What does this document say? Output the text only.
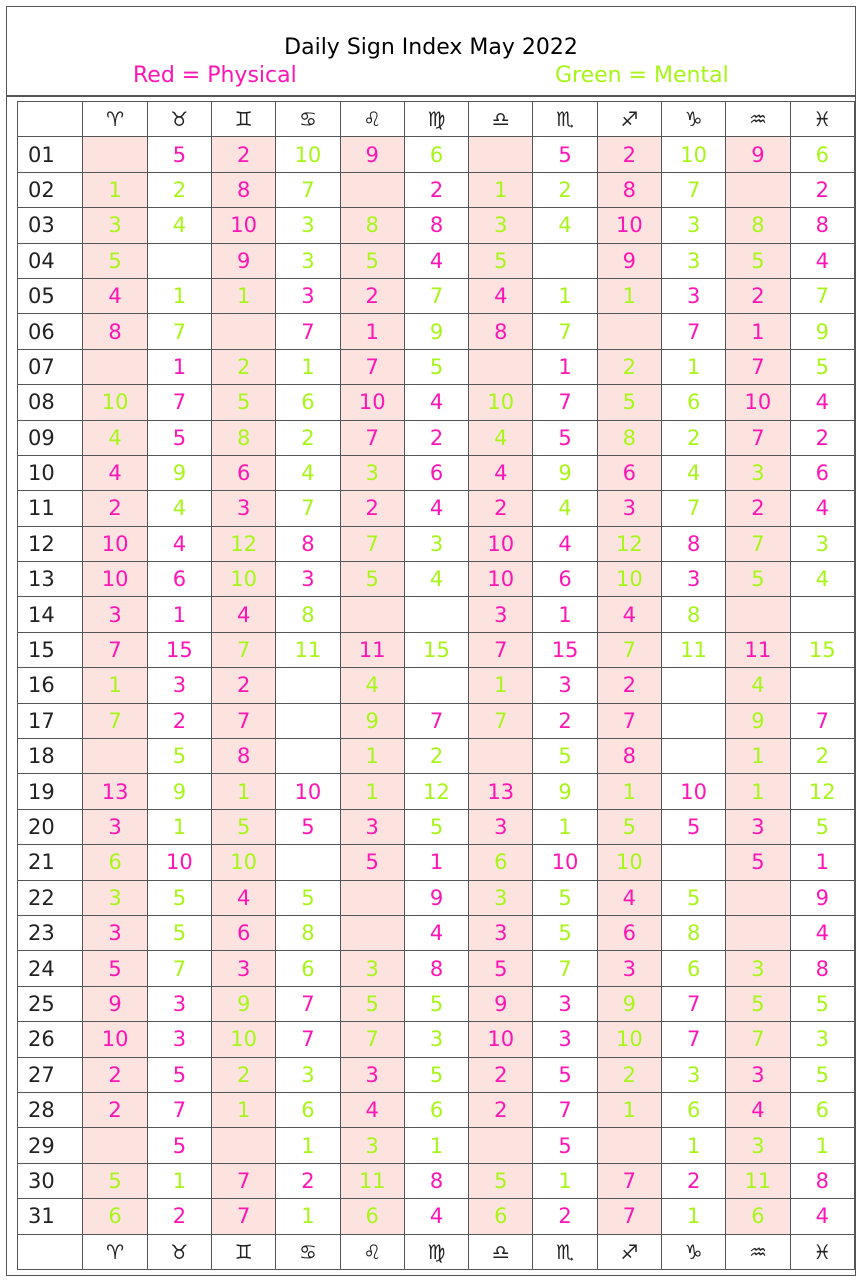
Daily Sign Index May 2022
Red = Physical	Green = Mental
	♈	♉	♊	♋	♌	♍	♎	♏	♐	♑	♒	♓
01		5	2	10	9	6		5	2	10	9	6
02	1	2	8	7		2	1	2	8	7		2
03	3	4	10	3	8	8	3	4	10	3	8	8
04	5		9	3	5	4	5		9	3	5	4
05	4	1	1	3	2	7	4	1	1	3	2	7
06	8	7		7	1	9	8	7		7	1	9
07		1	2	1	7	5		1	2	1	7	5
08	10	7	5	6	10	4	10	7	5	6	10	4
09	4	5	8	2	7	2	4	5	8	2	7	2
10	4	9	6	4	3	6	4	9	6	4	3	6
11	2	4	3	7	2	4	2	4	3	7	2	4
12	10	4	12	8	7	3	10	4	12	8	7	3
13	10	6	10	3	5	4	10	6	10	3	5	4
14	3	1	4	8			3	1	4	8		
15	7	15	7	11	11	15	7	15	7	11	11	15
16	1	3	2		4		1	3	2		4	
17	7	2	7		9	7	7	2	7		9	7
18		5	8		1	2		5	8		1	2
19	13	9	1	10	1	12	13	9	1	10	1	12
20	3	1	5	5	3	5	3	1	5	5	3	5
21	6	10	10		5	1	6	10	10		5	1
22	3	5	4	5		9	3	5	4	5		9
23	3	5	6	8		4	3	5	6	8		4
24	5	7	3	6	3	8	5	7	3	6	3	8
25	9	3	9	7	5	5	9	3	9	7	5	5
26	10	3	10	7	7	3	10	3	10	7	7	3
27	2	5	2	3	3	5	2	5	2	3	3	5
28	2	7	1	6	4	6	2	7	1	6	4	6
29		5		1	3	1		5		1	3	1
30	5	1	7	2	11	8	5	1	7	2	11	8
31	6	2	7	1	6	4	6	2	7	1	6	4
	♈	♉	♊	♋	♌	♍	♎	♏	♐	♑	♒	♓
